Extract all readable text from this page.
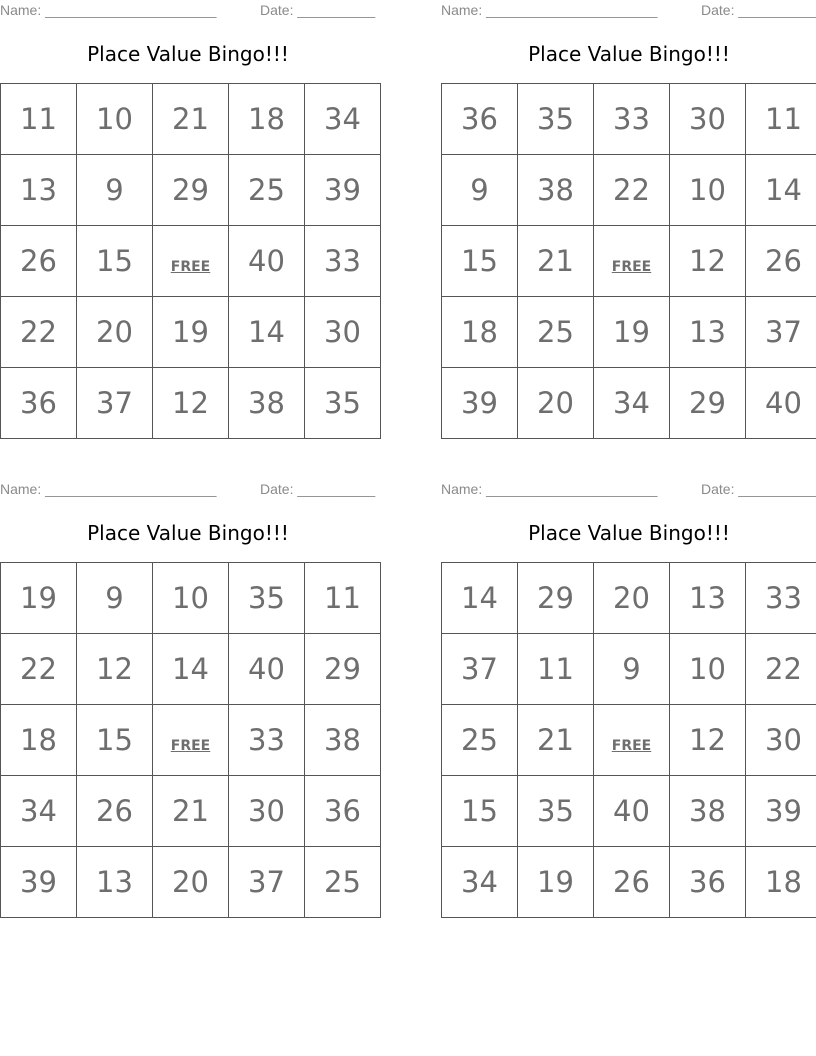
Name: ______________________	Date: __________
Place Value Bingo!!!
11	10	21	18	34
13	9	29	25	39
26	15	FREE	40	33
22	20	19	14	30
36	37	12	38	35
Name: ______________________	Date: __________
Place Value Bingo!!!
36	35	33	30	11
9	38	22	10	14
15	21	FREE	12	26
18	25	19	13	37
39	20	34	29	40
Name: ______________________	Date: __________
Place Value Bingo!!!
19	9	10	35	11
22	12	14	40	29
18	15	FREE	33	38
34	26	21	30	36
39	13	20	37	25
Name: ______________________	Date: __________
Place Value Bingo!!!
14	29	20	13	33
37	11	9	10	22
25	21	FREE	12	30
15	35	40	38	39
34	19	26	36	18
